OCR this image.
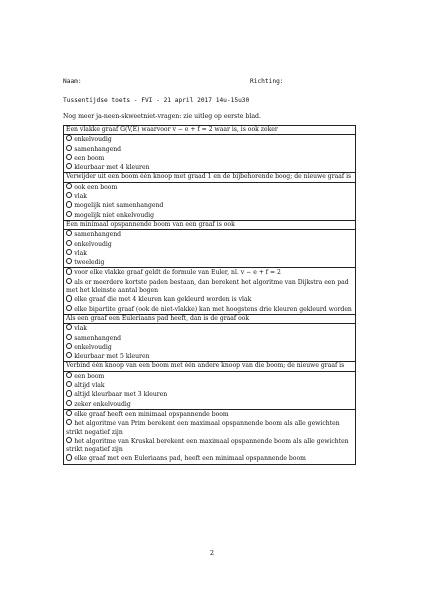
Naam:	Richting:
Tussentijdse toets - FVI - 21 april 2017 14u-15u30
Nog meer ja-neen-skweetniet-vragen: zie uitleg op eerste blad.
Een vlakke graaf G(V,E) waarvoor v − e + f = 2 waar is, is ook zeker
enkelvoudig
samenhangend
een boom
kleurbaar met 4 kleuren
Verwijder uit een boom één knoop met graad 1 en de bijbehorende boog; de nieuwe graaf is
ook een boom
vlak
mogelijk niet samenhangend
mogelijk niet enkelvoudig
Een minimaal opspannende boom van een graaf is ook
samenhangend
enkelvoudig
vlak
tweeledig
voor elke vlakke graaf geldt de formule van Euler, nl. v − e + f = 2
als er meerdere kortste paden bestaan, dan berekent het algoritme van Dijkstra een pad met het kleinste aantal bogen
elke graaf die met 4 kleuren kan gekleurd worden is vlak
elke bipartite graaf (ook de niet-vlakke) kan met hoogstens drie kleuren gekleurd worden
Als een graaf een Euleriaans pad heeft, dan is de graaf ook
vlak
samenhangend
enkelvoudig
kleurbaar met 5 kleuren
Verbind één knoop van een boom met één andere knoop van die boom; de nieuwe graaf is
een boom
altijd vlak
altijd kleurbaar met 3 kleuren
zeker enkelvoudig
elke graaf heeft een minimaal opspannende boom
het algoritme van Prim berekent een maximaal opspannende boom als alle gewichten strikt negatief zijn
het algoritme van Kruskal berekent een maximaal opspannende boom als alle gewichten strikt negatief zijn
elke graaf met een Euleriaans pad, heeft een minimaal opspannende boom
2
